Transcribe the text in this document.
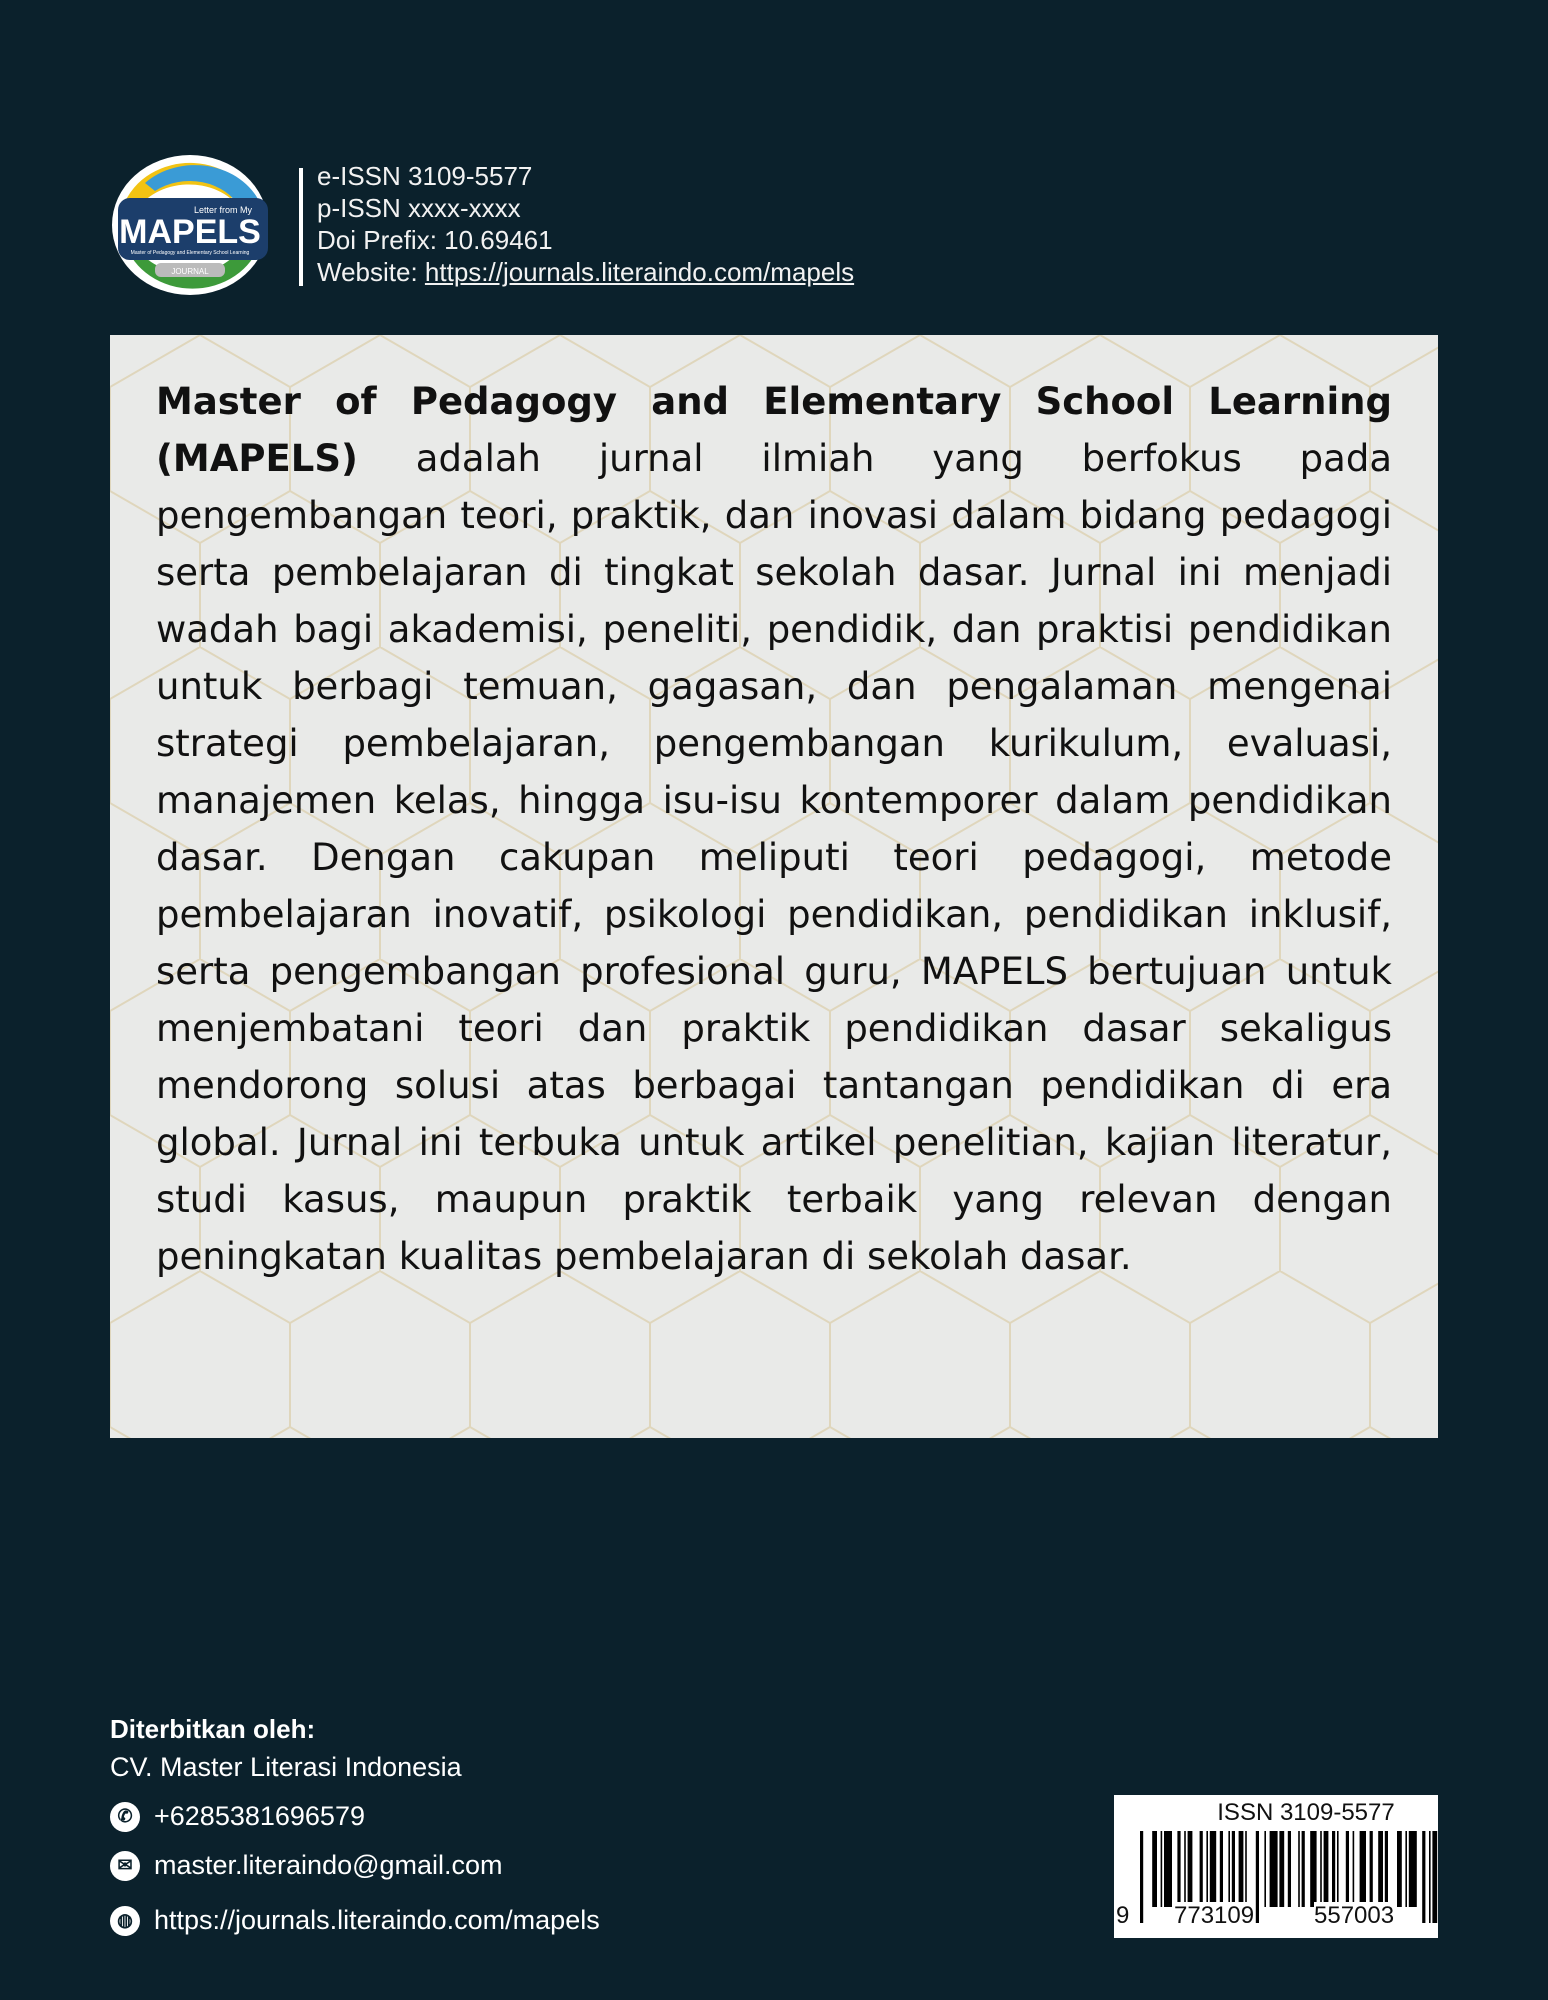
Letter from My
MAPELS
Master of Pedagogy and Elementary School Learning
JOURNAL
e-ISSN 3109-5577
p-ISSN xxxx-xxxx
Doi Prefix: 10.69461
Website: https://journals.literaindo.com/mapels
Master of Pedagogy and Elementary School Learning (MAPELS) adalah jurnal ilmiah yang berfokus pada pengembangan teori, praktik, dan inovasi dalam bidang pedagogi serta pembelajaran di tingkat sekolah dasar. Jurnal ini menjadi wadah bagi akademisi, peneliti, pendidik, dan praktisi pendidikan untuk berbagi temuan, gagasan, dan pengalaman mengenai strategi pembelajaran, pengembangan kurikulum, evaluasi, manajemen kelas, hingga isu-isu kontemporer dalam pendidikan dasar. Dengan cakupan meliputi teori pedagogi, metode pembelajaran inovatif, psikologi pendidikan, pendidikan inklusif, serta pengembangan profesional guru, MAPELS bertujuan untuk menjembatani teori dan praktik pendidikan dasar sekaligus mendorong solusi atas berbagai tantangan pendidikan di era global. Jurnal ini terbuka untuk artikel penelitian, kajian literatur, studi kasus, maupun praktik terbaik yang relevan dengan peningkatan kualitas pembelajaran di sekolah dasar.
Diterbitkan oleh:
CV. Master Literasi Indonesia
✆ +6285381696579
✉ master.literaindo@gmail.com
◍ https://journals.literaindo.com/mapels
ISSN 3109-5577
9 773109 557003
